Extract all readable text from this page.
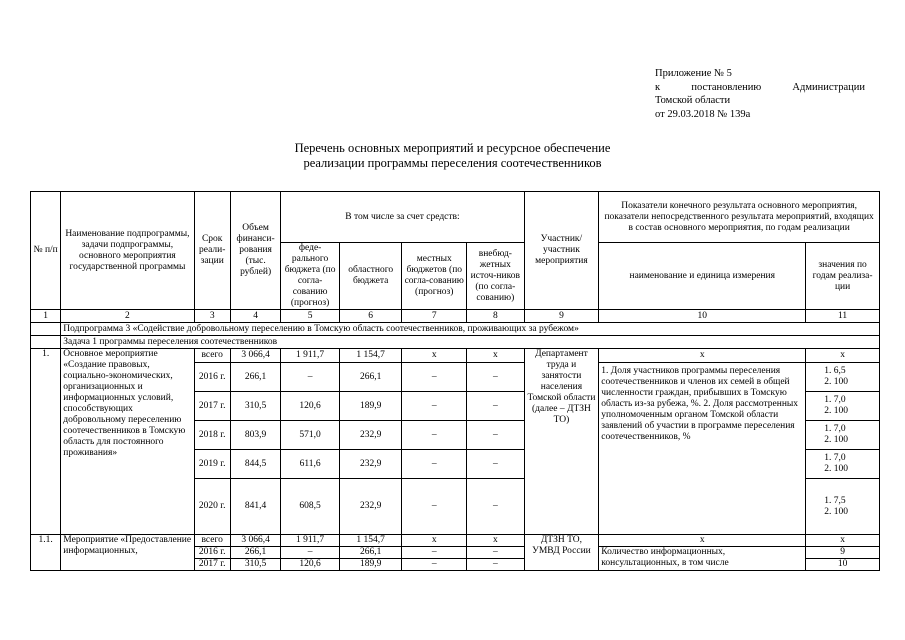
Приложение № 5
к	постановлению	Администрации
Томской области
от 29.03.2018 № 139а
Перечень основных мероприятий и ресурсное обеспечение
реализации программы переселения соотечественников
№ п/п	Наименование подпрограммы, задачи подпрограммы, основного мероприятия государственной программы	Срок реали-зации	Объем финанси-рования (тыс. рублей)	В том числе за счет средств:				Участник/ участник мероприятия	Показатели конечного результата основного мероприятия, показатели непосредственного результата мероприятий, входящих в состав основного мероприятия, по годам реализации	
				феде-рального бюджета (по согла-сованию (прогноз)	областного бюджета	местных бюджетов (по согла-сованию (прогноз)	внебюд-жетных источ-ников (по согла-сованию)		наименование и единица измерения	значения по годам реализа-ции
1	2	3	4	5	6	7	8	9	10	11
	Подпрограмма 3 «Содействие добровольному переселению в Томскую область соотечественников, проживающих за рубежом»									
	Задача 1 программы переселения соотечественников									
1.	Основное мероприятие «Создание правовых, социально-экономических, организационных и информационных условий, способствующих добровольному переселению соотечественников в Томскую область для постоянного проживания»	всего	3 066,4	1 911,7	1 154,7	х	х	Департамент труда и занятости населения Томской области (далее – ДТЗН ТО)	х	х
		2016 г.	266,1	–	266,1	–	–		1. Доля участников программы переселения соотечественников и членов их семей в общей численности граждан, прибывших в Томскую область из-за рубежа, %. 2. Доля рассмотренных уполномоченным органом Томской области заявлений об участии в программе переселения соотечественников, %	1. 6,5
2. 100

		2017 г.	310,5	120,6	189,9	–	–			1. 7,0
2. 100

		2018 г.	803,9	571,0	232,9	–	–			1. 7,0
2. 100

		2019 г.	844,5	611,6	232,9	–	–			1. 7,0
2. 100

		2020 г.	841,4	608,5	232,9	–	–			1. 7,5
2. 100

1.1.	Мероприятие «Предоставление информационных,	всего	3 066,4	1 911,7	1 154,7	х	х	ДТЗН ТО, УМВД России	х	х
		2016 г.	266,1	–	266,1	–	–		Количество информационных, консультационных, в том числе	9
		2017 г.	310,5	120,6	189,9	–	–			10
